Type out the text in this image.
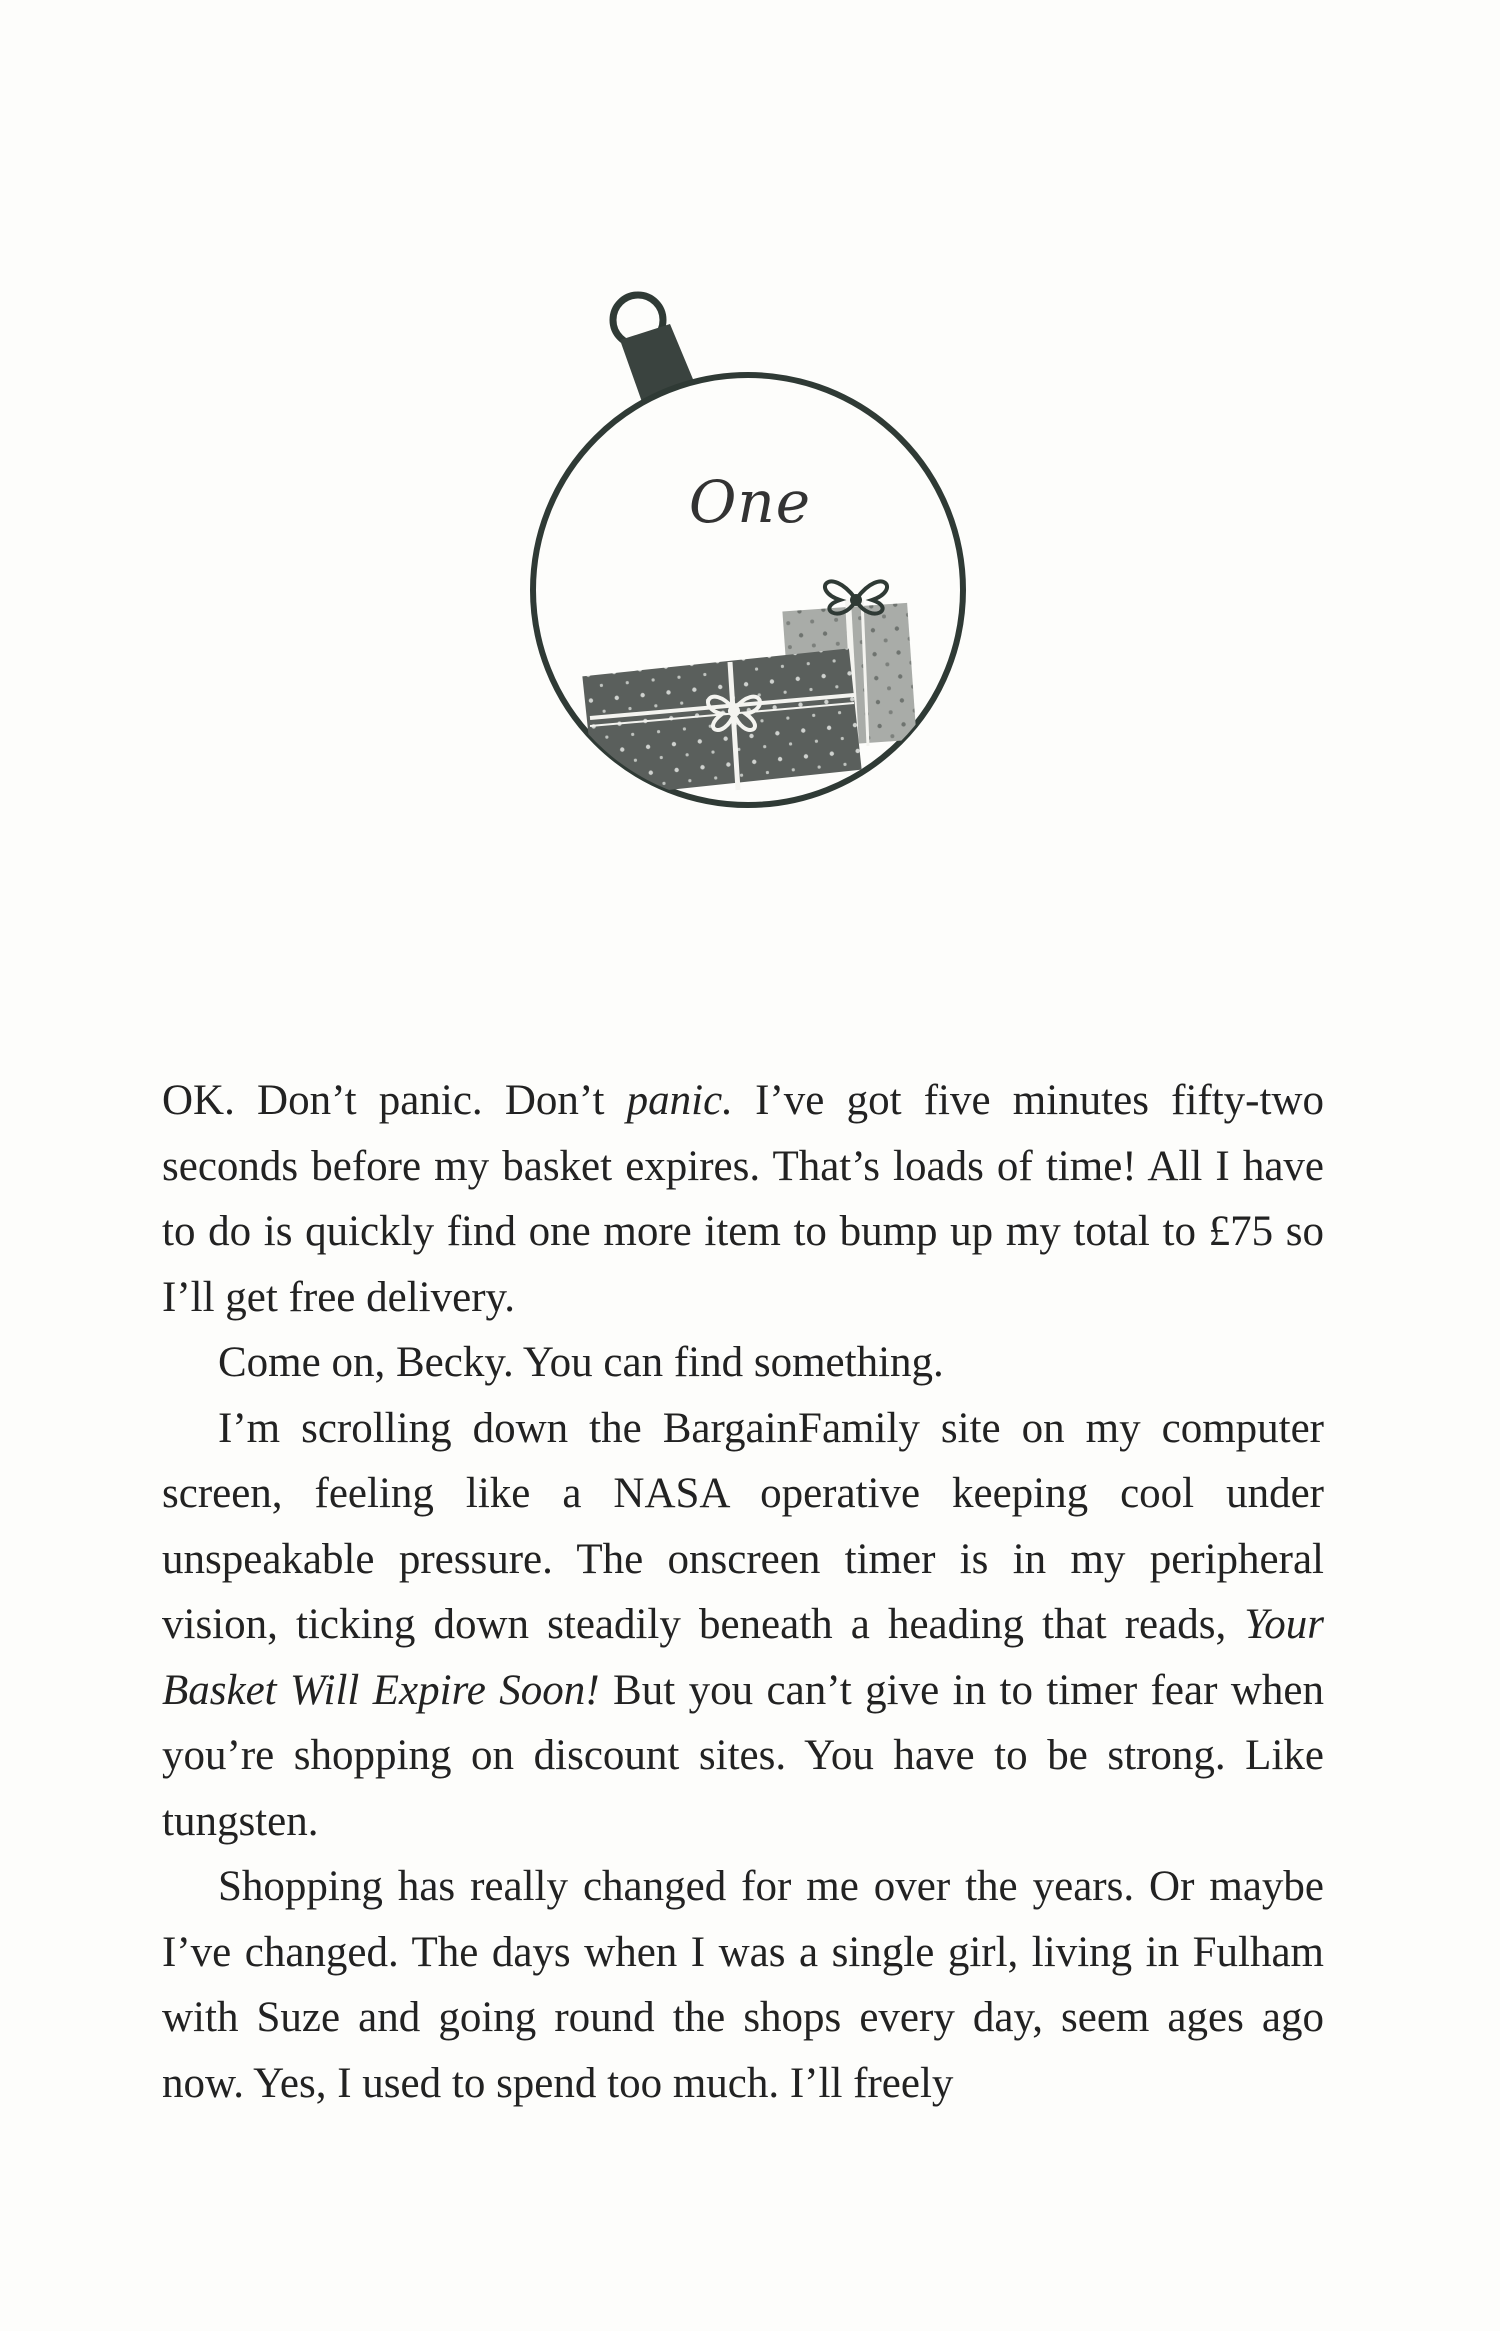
One

OK. Don’t panic. Don’t panic. I’ve got five minutes fifty-two seconds before my basket expires. That’s loads of time! All I have to do is quickly find one more item to bump up my total to £75 so I’ll get free delivery.

Come on, Becky. You can find something.

I’m scrolling down the BargainFamily site on my computer screen, feeling like a NASA operative keeping cool under unspeakable pressure. The onscreen timer is in my peripheral vision, ticking down steadily beneath a heading that reads, Your Basket Will Expire Soon! But you can’t give in to timer fear when you’re shopping on discount sites. You have to be strong. Like tungsten.

Shopping has really changed for me over the years. Or maybe I’ve changed. The days when I was a single girl, living in Fulham with Suze and going round the shops every day, seem ages ago now. Yes, I used to spend too much. I’ll freely
